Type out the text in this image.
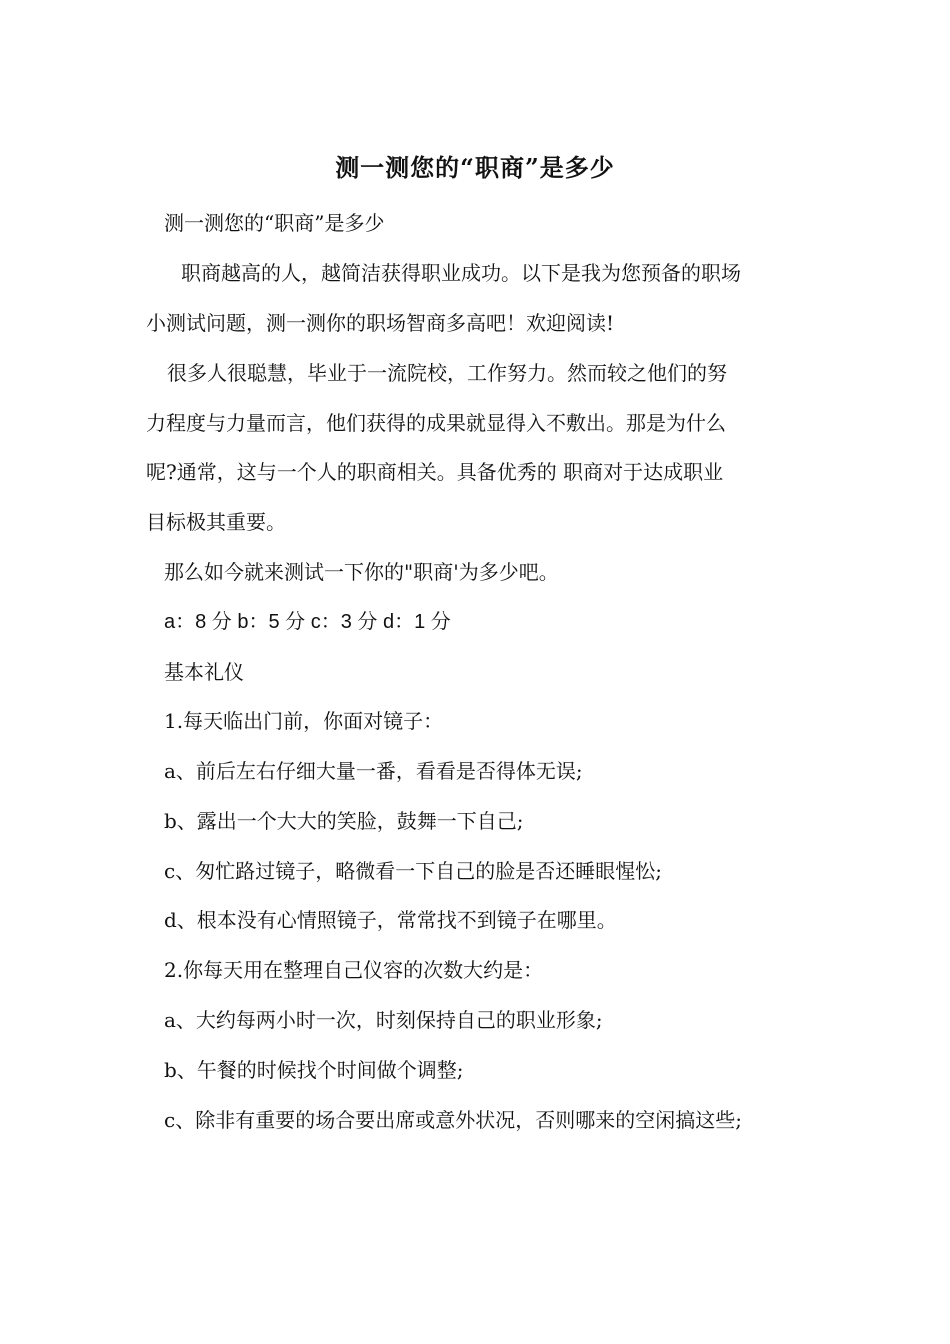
测一测您的“职商”是多少
测一测您的“职商”是多少
职商越高的人，越简洁获得职业成功。以下是我为您预备的职场
小测试问题，测一测你的职场智商多高吧！欢迎阅读!
很多人很聪慧，毕业于一流院校，工作努力。然而较之他们的努
力程度与力量而言，他们获得的成果就显得入不敷出。那是为什么
呢?通常，这与一个人的职商相关。具备优秀的 职商对于达成职业
目标极其重要。
那么如今就来测试一下你的"职商'为多少吧。
a：8 分 b：5 分 c：3 分 d：1 分
基本礼仪
1.每天临出门前，你面对镜子：
a、前后左右仔细大量一番，看看是否得体无误;
b、露出一个大大的笑脸，鼓舞一下自己;
c、匆忙路过镜子，略微看一下自己的脸是否还睡眼惺忪;
d、根本没有心情照镜子，常常找不到镜子在哪里。
2.你每天用在整理自己仪容的次数大约是：
a、大约每两小时一次，时刻保持自己的职业形象;
b、午餐的时候找个时间做个调整;
c、除非有重要的场合要出席或意外状况，否则哪来的空闲搞这些;
